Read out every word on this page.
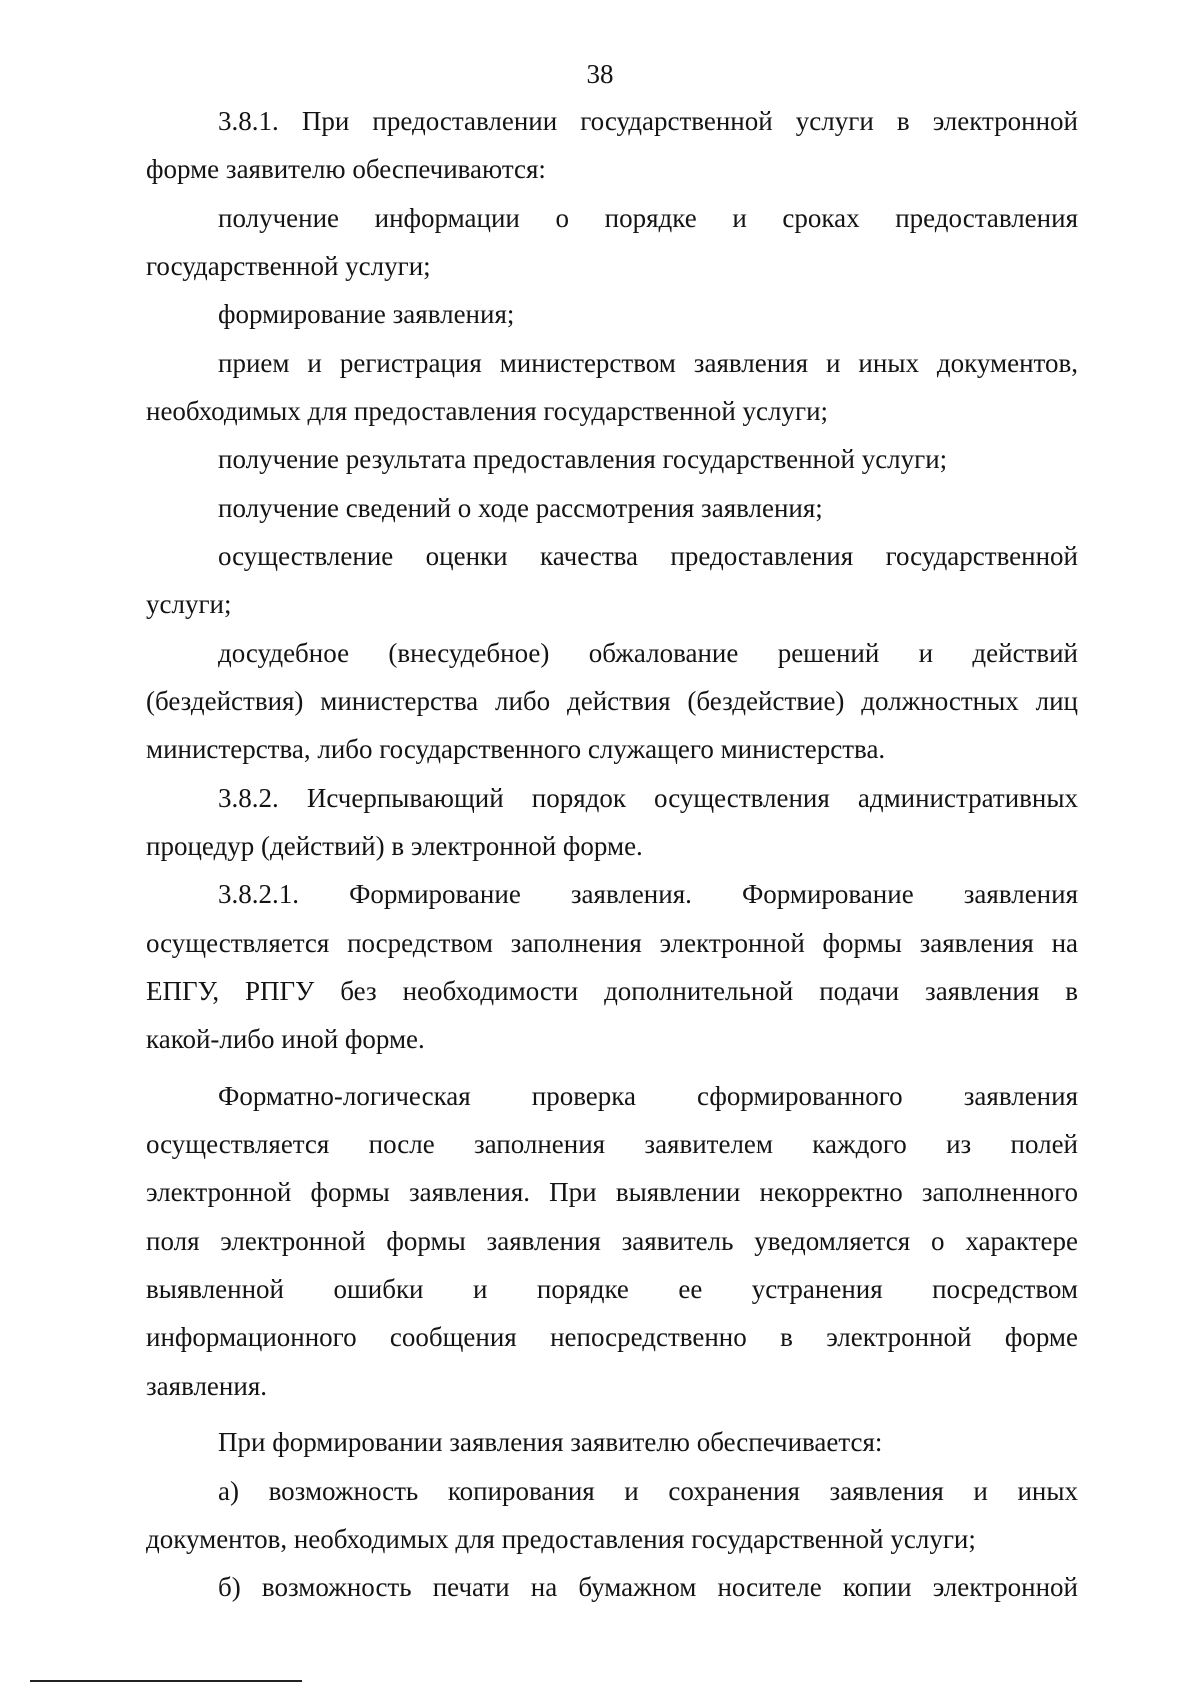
38
3.8.1. При предоставлении государственной услуги в электронной
форме заявителю обеспечиваются:
получение информации о порядке и сроках предоставления
государственной услуги;
формирование заявления;
прием и регистрация министерством заявления и иных документов,
необходимых для предоставления государственной услуги;
получение результата предоставления государственной услуги;
получение сведений о ходе рассмотрения заявления;
осуществление оценки качества предоставления государственной
услуги;
досудебное (внесудебное) обжалование решений и действий
(бездействия) министерства либо действия (бездействие) должностных лиц
министерства, либо государственного служащего министерства.
3.8.2. Исчерпывающий порядок осуществления административных
процедур (действий) в электронной форме.
3.8.2.1. Формирование заявления. Формирование заявления
осуществляется посредством заполнения электронной формы заявления на
ЕПГУ, РПГУ без необходимости дополнительной подачи заявления в
какой-либо иной форме.
Форматно-логическая проверка сформированного заявления
осуществляется после заполнения заявителем каждого из полей
электронной формы заявления. При выявлении некорректно заполненного
поля электронной формы заявления заявитель уведомляется о характере
выявленной ошибки и порядке ее устранения посредством
информационного сообщения непосредственно в электронной форме
заявления.
При формировании заявления заявителю обеспечивается:
а) возможность копирования и сохранения заявления и иных
документов, необходимых для предоставления государственной услуги;
б) возможность печати на бумажном носителе копии электронной
